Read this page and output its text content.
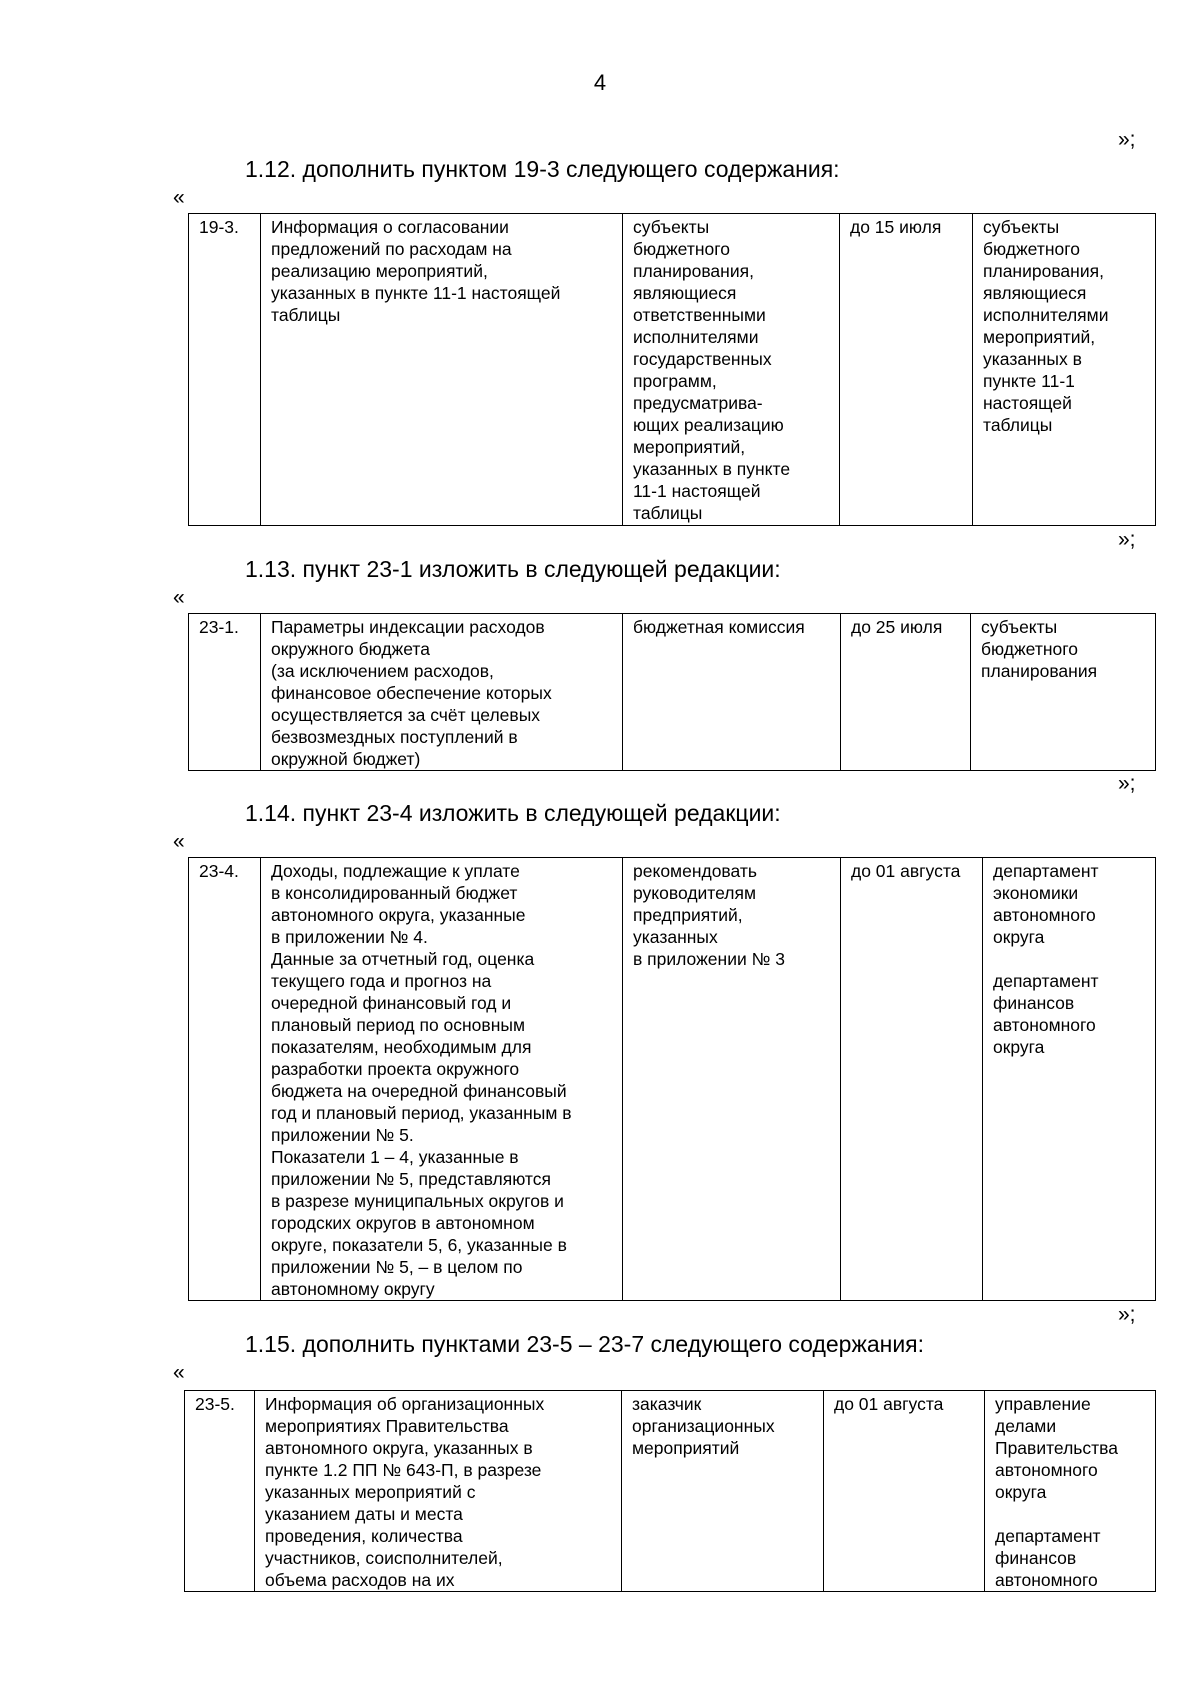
4
»;
1.12. дополнить пунктом 19-3 следующего содержания:
«
19-3.	Информация о согласовании
предложений по расходам на
реализацию мероприятий,
указанных в пункте 11-1 настоящей
таблицы	субъекты
бюджетного
планирования,
являющиеся
ответственными
исполнителями
государственных
программ,
предусматрива-
ющих реализацию
мероприятий,
указанных в пункте
11-1 настоящей
таблицы	до 15 июля	субъекты
бюджетного
планирования,
являющиеся
исполнителями
мероприятий,
указанных в
пункте 11-1
настоящей
таблицы
»;
1.13. пункт 23-1 изложить в следующей редакции:
«
23-1.	Параметры индексации расходов
окружного бюджета
(за исключением расходов,
финансовое обеспечение которых
осуществляется за счёт целевых
безвозмездных поступлений в
окружной бюджет)	бюджетная комиссия	до 25 июля	субъекты
бюджетного
планирования
»;
1.14. пункт 23-4 изложить в следующей редакции:
«
23-4.	Доходы, подлежащие к уплате
в консолидированный бюджет
автономного округа, указанные
в приложении № 4.
Данные за отчетный год, оценка
текущего года и прогноз на
очередной финансовый год и
плановый период по основным
показателям, необходимым для
разработки проекта окружного
бюджета на очередной финансовый
год и плановый период, указанным в
приложении № 5.
Показатели 1 – 4, указанные в
приложении № 5, представляются
в разрезе муниципальных округов и
городских округов в автономном
округе, показатели 5, 6, указанные в
приложении № 5, – в целом по
автономному округу	рекомендовать
руководителям
предприятий,
указанных
в приложении № 3	до 01 августа	департамент
экономики
автономного
округа

департамент
финансов
автономного
округа
»;
1.15. дополнить пунктами 23-5 – 23-7 следующего содержания:
«
23-5.	Информация об организационных
мероприятиях Правительства
автономного округа, указанных в
пункте 1.2 ПП № 643-П, в разрезе
указанных мероприятий с
указанием даты и места
проведения, количества
участников, соисполнителей,
объема расходов на их	заказчик
организационных
мероприятий	до 01 августа	управление
делами
Правительства
автономного
округа

департамент
финансов
автономного
